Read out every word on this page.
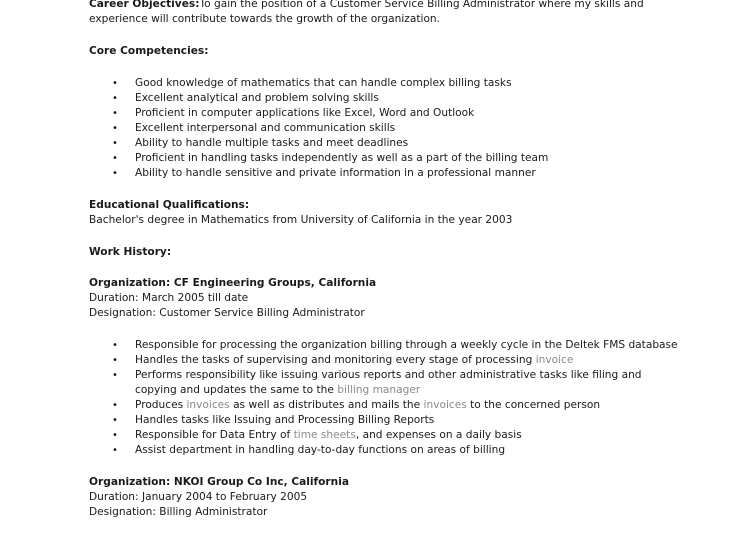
Career Objectives:To gain the position of a Customer Service Billing Administrator where my skills and

experience will contribute towards the growth of the organization.

Core Competencies:

• Good knowledge of mathematics that can handle complex billing tasks
• Excellent analytical and problem solving skills
• Proficient in computer applications like Excel, Word and Outlook
• Excellent interpersonal and communication skills
• Ability to handle multiple tasks and meet deadlines
• Proficient in handling tasks independently as well as a part of the billing team
• Ability to handle sensitive and private information in a professional manner

Educational Qualifications:

Bachelor's degree in Mathematics from University of California in the year 2003

Work History:

Organization: CF Engineering Groups, California

Duration: March 2005 till date

Designation: Customer Service Billing Administrator

• Responsible for processing the organization billing through a weekly cycle in the Deltek FMS database
• Handles the tasks of supervising and monitoring every stage of processing invoice
• Performs responsibility like issuing various reports and other administrative tasks like filing and
copying and updates the same to the billing manager
• Produces invoices as well as distributes and mails the invoices to the concerned person
• Handles tasks like Issuing and Processing Billing Reports
• Responsible for Data Entry of time sheets, and expenses on a daily basis
• Assist department in handling day-to-day functions on areas of billing

Organization: NKOI Group Co Inc, California

Duration: January 2004 to February 2005

Designation: Billing Administrator
